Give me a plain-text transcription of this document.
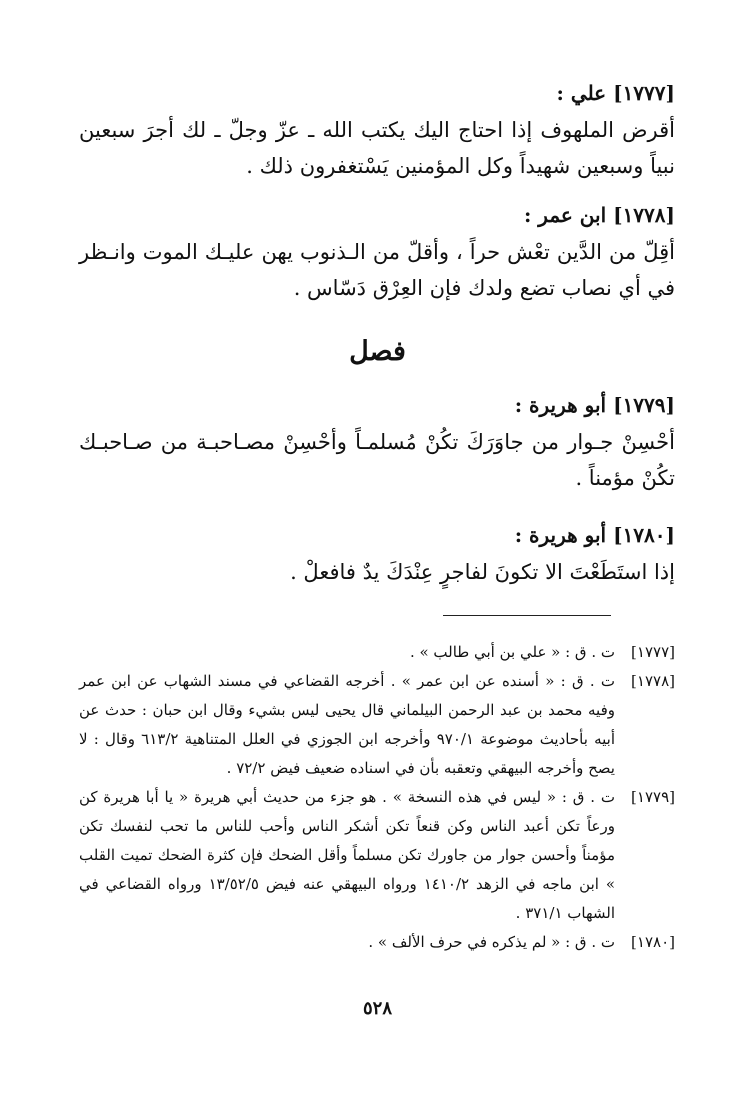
[١٧٧٧] علي :

أقرض الملهوف إذا احتاج اليك يكتب الله ـ عزّ وجلّ ـ لك أجرَ سبعين نبياً وسبعين شهيداً وكل المؤمنين يَسْتغفرون ذلك .

[١٧٧٨] ابن عمر :

أقِلّ من الدَّين تعْش حراً ، وأقلّ من الـذنوب يهن عليـك الموت وانـظر في أي نصاب تضع ولدك فإن العِرْق دَسّاس .

فصل

[١٧٧٩] أبو هريرة :

أحْسِنْ جـوار من جاوَرَكَ تكُنْ مُسلمـاً وأحْسِنْ مصـاحبـة من صـاحبـك تكُنْ مؤمناً .

[١٧٨٠] أبو هريرة :

إذا استَطَعْتَ الا تكونَ لفاجرٍ عِنْدَكَ يدٌ فافعلْ .

[١٧٧٧]
ت . ق : « علي بن أبي طالب » .
[١٧٧٨]
ت . ق : « أسنده عن ابن عمر » . أخرجه القضاعي في مسند الشهاب عن ابن عمر وفيه محمد بن عبد الرحمن البيلماني قال يحيى ليس بشيء وقال ابن حبان : حدث عن أبيه بأحاديث موضوعة ٩٧٠/١ وأخرجه ابن الجوزي في العلل المتناهية ٦١٣/٢ وقال : لا يصح وأخرجه البيهقي وتعقبه بأن في اسناده ضعيف فيض ٧٢/٢ .
[١٧٧٩]
ت . ق : « ليس في هذه النسخة » . هو جزء من حديث أبي هريرة « يا أبا هريرة كن ورعاً تكن أعبد الناس وكن قنعاً تكن أشكر الناس وأحب للناس ما تحب لنفسك تكن مؤمناً وأحسن جوار من جاورك تكن مسلماً وأقل الضحك فإن كثرة الضحك تميت القلب » ابن ماجه في الزهد ١٤١٠/٢ ورواه البيهقي عنه فيض ١٣/٥٢/٥ ورواه القضاعي في الشهاب ٣٧١/١ .
[١٧٨٠]
ت . ق : « لم يذكره في حرف الألف » .
٥٢٨
